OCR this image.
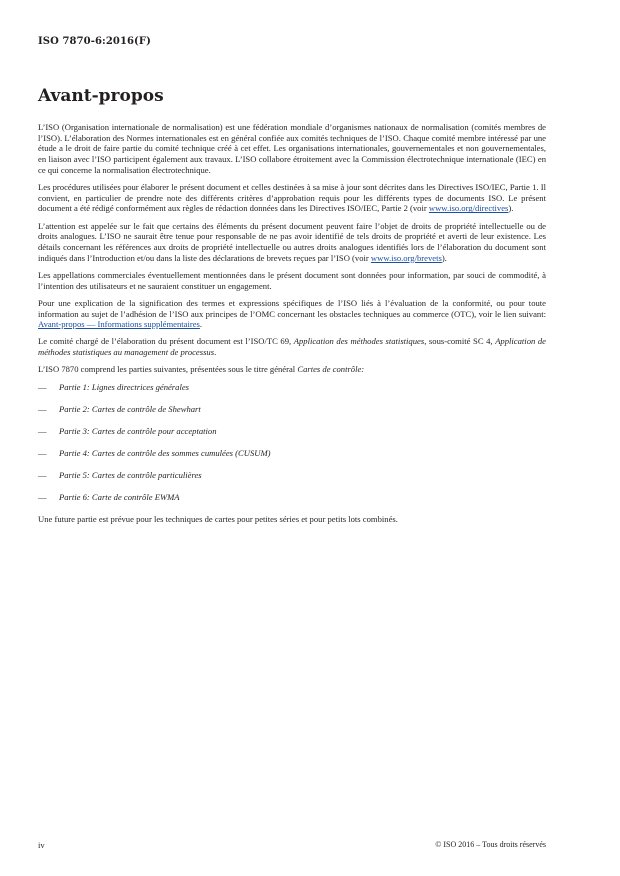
ISO 7870-6:2016(F)
Avant-propos

L’ISO (Organisation internationale de normalisation) est une fédération mondiale d’organismes nationaux de normalisation (comités membres de l’ISO). L’élaboration des Normes internationales est en général confiée aux comités techniques de l’ISO. Chaque comité membre intéressé par une étude a le droit de faire partie du comité technique créé à cet effet. Les organisations internationales, gouvernementales et non gouvernementales, en liaison avec l’ISO participent également aux travaux. L’ISO collabore étroitement avec la Commission électrotechnique internationale (IEC) en ce qui concerne la normalisation électrotechnique.

Les procédures utilisées pour élaborer le présent document et celles destinées à sa mise à jour sont décrites dans les Directives ISO/IEC, Partie 1. Il convient, en particulier de prendre note des différents critères d’approbation requis pour les différents types de documents ISO. Le présent document a été rédigé conformément aux règles de rédaction données dans les Directives ISO/IEC, Partie 2 (voir www.iso.org/directives).

L’attention est appelée sur le fait que certains des éléments du présent document peuvent faire l’objet de droits de propriété intellectuelle ou de droits analogues. L’ISO ne saurait être tenue pour responsable de ne pas avoir identifié de tels droits de propriété et averti de leur existence. Les détails concernant les références aux droits de propriété intellectuelle ou autres droits analogues identifiés lors de l’élaboration du document sont indiqués dans l’Introduction et/ou dans la liste des déclarations de brevets reçues par l’ISO (voir www.iso.org/brevets).

Les appellations commerciales éventuellement mentionnées dans le présent document sont données pour information, par souci de commodité, à l’intention des utilisateurs et ne sauraient constituer un engagement.

Pour une explication de la signification des termes et expressions spécifiques de l’ISO liés à l’évaluation de la conformité, ou pour toute information au sujet de l’adhésion de l’ISO aux principes de l’OMC concernant les obstacles techniques au commerce (OTC), voir le lien suivant: Avant-propos — Informations supplémentaires.

Le comité chargé de l’élaboration du présent document est l’ISO/TC 69, Application des méthodes statistiques, sous-comité SC 4, Application de méthodes statistiques au management de processus.

L’ISO 7870 comprend les parties suivantes, présentées sous le titre général Cartes de contrôle:

—	Partie 1: Lignes directrices générales
—	Partie 2: Cartes de contrôle de Shewhart
—	Partie 3: Cartes de contrôle pour acceptation
—	Partie 4: Cartes de contrôle des sommes cumulées (CUSUM)
—	Partie 5: Cartes de contrôle particulières
—	Partie 6: Carte de contrôle EWMA

Une future partie est prévue pour les techniques de cartes pour petites séries et pour petits lots combinés.

iv	© ISO 2016 – Tous droits réservés
